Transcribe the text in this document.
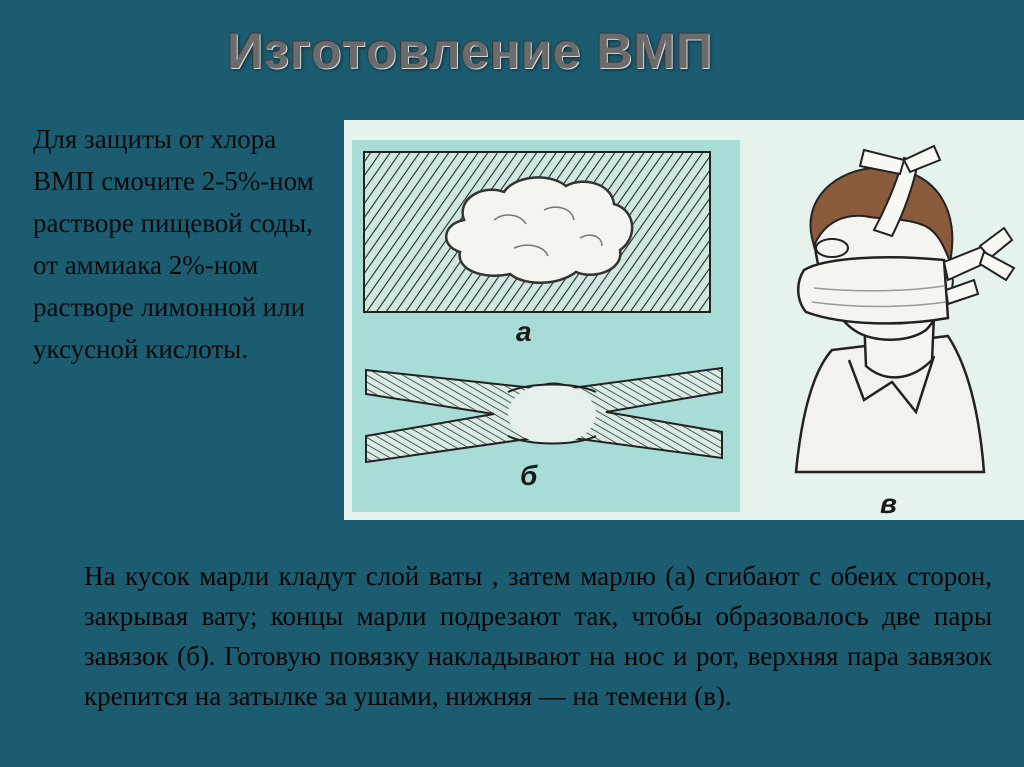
Изготовление ВМП
Для защиты от хлора ВМП смочите 2-5%-ном растворе пищевой соды, от аммиака 2%-ном растворе лимонной или уксусной кислоты.
а
б
в
На кусок марли кладут слой ваты , затем марлю (а) сгибают с обеих сторон, закрывая вату; концы марли подрезают так, чтобы образовалось две пары завязок (б). Готовую повязку накладывают на нос и рот, верхняя пара завязок крепится на затылке за ушами, нижняя — на темени (в).
